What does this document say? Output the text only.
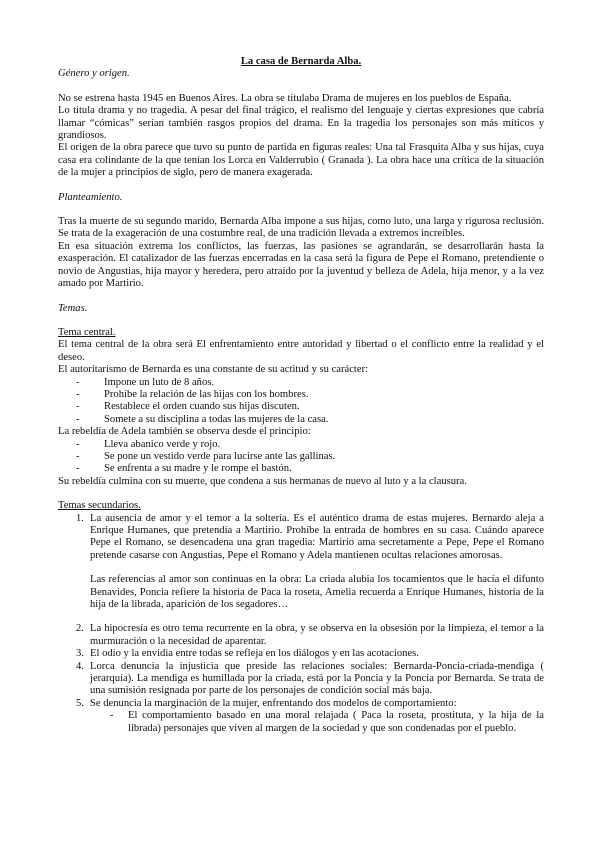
La casa de Bernarda Alba.

Género y origen.

No se estrena hasta 1945 en Buenos Aires. La obra se titulaba Drama de mujeres en los pueblos de España.

Lo titula drama y no tragedia. A pesar del final trágico, el realismo del lenguaje y ciertas expresiones que cabría llamar “cómicas” serían también rasgos propios del drama. En la tragedia los personajes son más míticos y grandiosos.

El origen de la obra parece que tuvo su punto de partida en figuras reales: Una tal Frasquita Alba y sus hijas, cuya casa era colindante de la que tenían los Lorca en Valderrubio ( Granada ). La obra hace una crítica de la situación de la mujer a principios de siglo, pero de manera exagerada.

Planteamiento.

Tras la muerte de su segundo marido, Bernarda Alba impone a sus hijas, como luto, una larga y rigurosa reclusión. Se trata de la exageración de una costumbre real, de una tradición llevada a extremos increíbles.

En esa situación extrema los conflictos, las fuerzas, las pasiones se agrandarán, se desarrollarán hasta la exasperación. El catalizador de las fuerzas encerradas en la casa será la figura de Pepe el Romano, pretendiente o novio de Angustias, hija mayor y heredera, pero atraído por la juventud y belleza de Adela, hija menor, y a la vez amado por Martirio.

Temas.

Tema central.

El tema central de la obra será El enfrentamiento entre autoridad y libertad o el conflicto entre la realidad y el deseo.

El autoritarismo de Bernarda es una constante de su actitud y su carácter:

- Impone un luto de 8 años.
- Prohíbe la relación de las hijas con los hombres.
- Restablece el orden cuando sus hijas discuten.
- Somete a su disciplina a todas las mujeres de la casa.

La rebeldía de Adela también se observa desde el principio:

- Lleva abanico verde y rojo.
- Se pone un vestido verde para lucirse ante las gallinas.
- Se enfrenta a su madre y le rompe el bastón.

Su rebeldía culmina con su muerte, que condena a sus hermanas de nuevo al luto y a la clausura.

Temas secundarios.

1. La ausencia de amor y el temor a la soltería. Es el auténtico drama de estas mujeres. Bernardo aleja a Enrique Humanes, que pretendía a Martirio. Prohíbe la entrada de hombres en su casa. Cuándo aparece Pepe el Romano, se desencadena una gran tragedia: Martirio ama secretamente a Pepe, Pepe el Romano pretende casarse con Angustias, Pepe el Romano y Adela mantienen ocultas relaciones amorosas.
Las referencias al amor son continuas en la obra: La criada alubia los tocamientos que le hacía el difunto Benavides, Poncia refiere la historia de Paca la roseta, Amelia recuerda a Enrique Humanes, historia de la hija de la librada, aparición de los segadores…
2. La hipocresía es otro tema recurrente en la obra, y se observa en la obsesión por la limpieza, el temor a la murmuración o la necesidad de aparentar.
3. El odio y la envidia entre todas se refleja en los diálogos y en las acotaciones.
4. Lorca denuncia la injusticia que preside las relaciones sociales: Bernarda-Poncia-criada-mendiga ( jerarquía). La mendiga es humillada por la criada, está por la Poncia y la Poncia por Bernarda. Se trata de una sumisión resignada por parte de los personajes de condición social más baja.
5. Se denuncia la marginación de la mujer, enfrentando dos modelos de comportamiento:
- El comportamiento basado en una moral relajada ( Paca la roseta, prostituta, y la hija de la librada) personajes que viven al margen de la sociedad y que son condenadas por el pueblo.
